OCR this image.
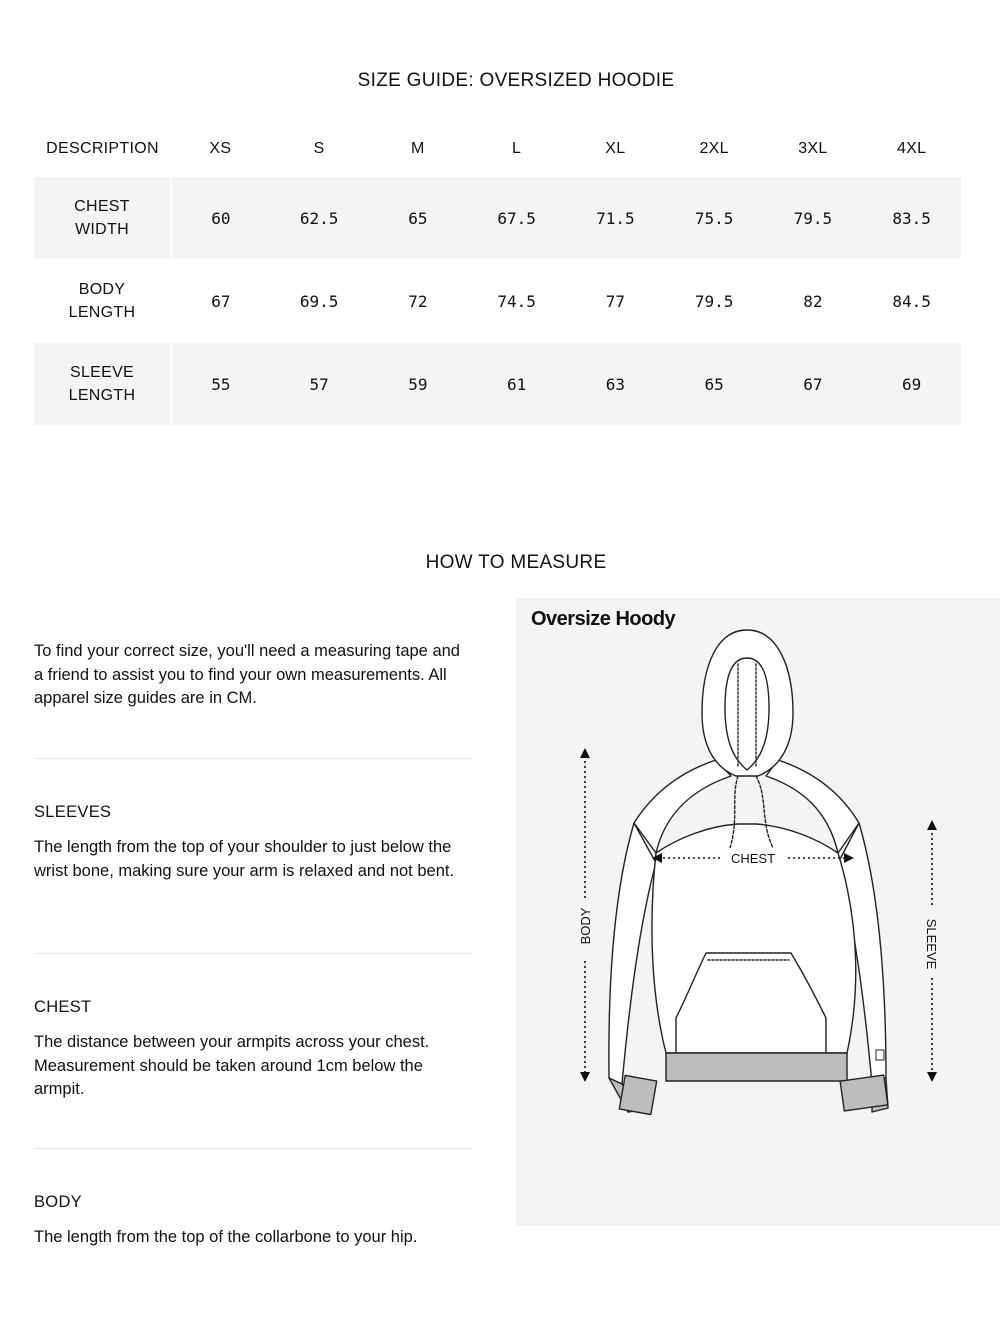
SIZE GUIDE: OVERSIZED HOODIE
DESCRIPTION	XS	S	M	L	XL	2XL	3XL	4XL
CHEST
WIDTH	60	62.5	65	67.5	71.5	75.5	79.5	83.5
BODY
LENGTH	67	69.5	72	74.5	77	79.5	82	84.5
SLEEVE
LENGTH	55	57	59	61	63	65	67	69
HOW TO MEASURE

To find your correct size, you'll need a measuring tape and a friend to assist you to find your own measurements. All apparel size guides are in CM.

SLEEVES

The length from the top of your shoulder to just below the wrist bone, making sure your arm is relaxed and not bent.

CHEST

The distance between your armpits across your chest. Measurement should be taken around 1cm below the armpit.

BODY

The length from the top of the collarbone to your hip.

Oversize Hoody
CHEST
BODY	SLEEVE
